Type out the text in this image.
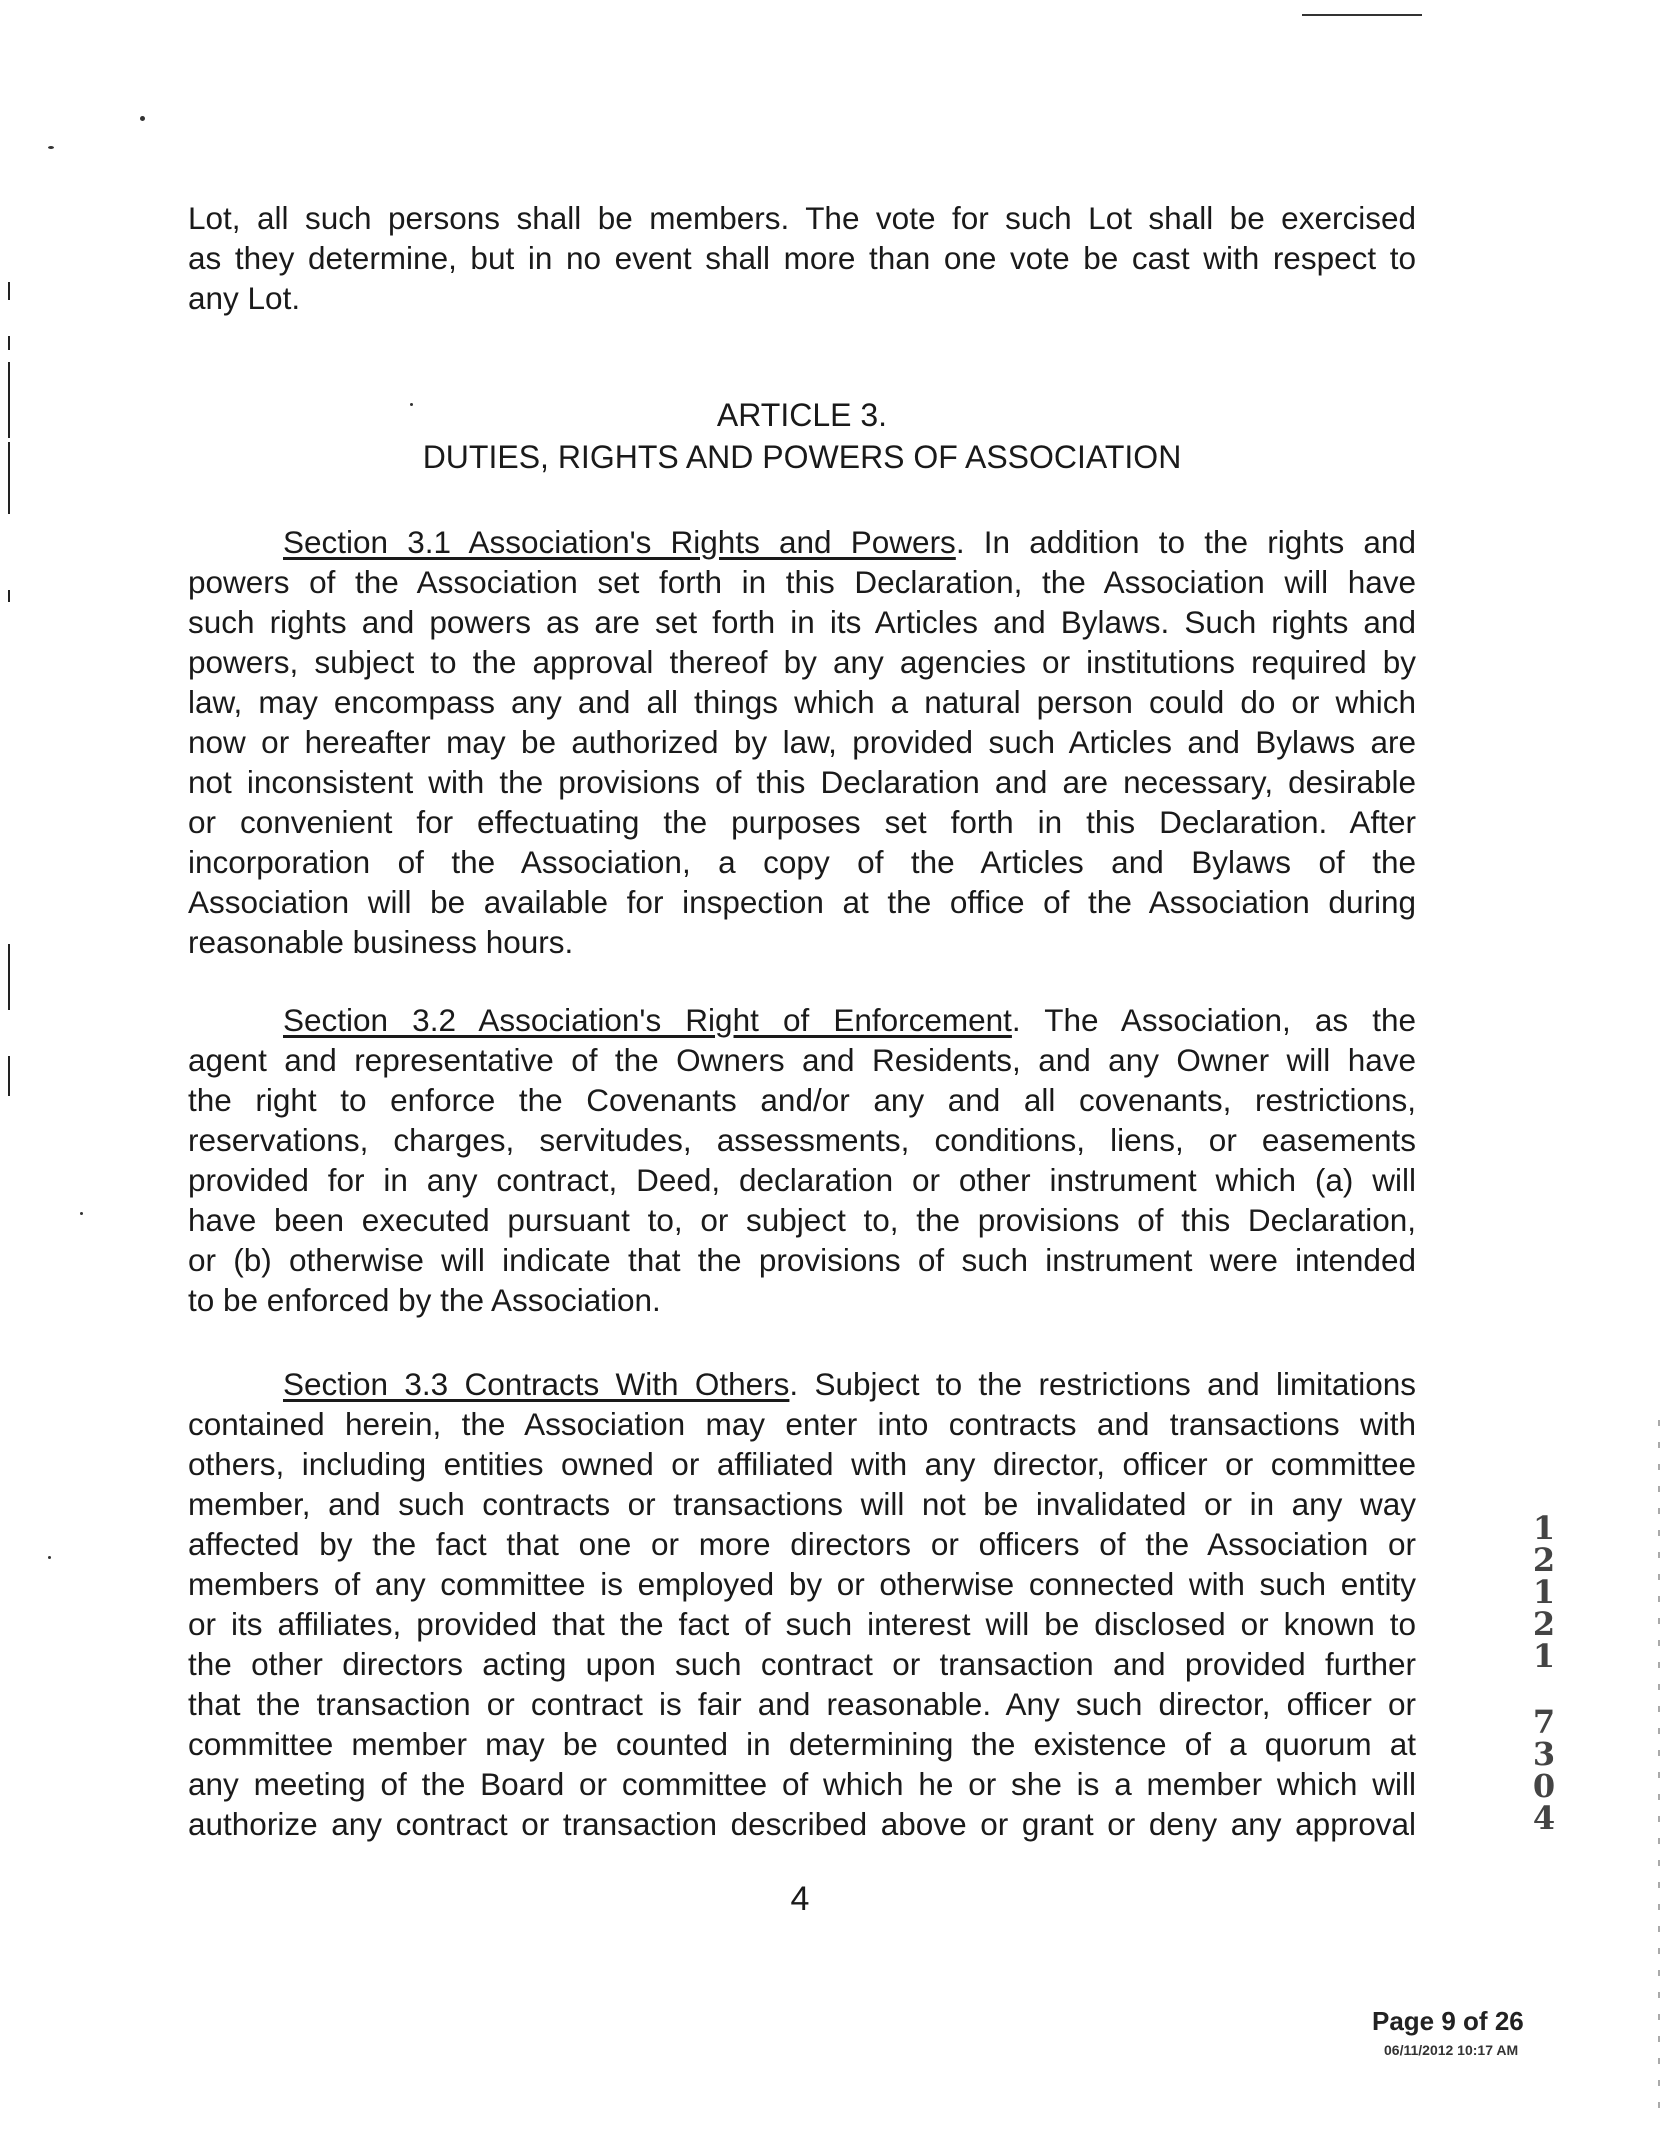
Lot, all such persons shall be members. The vote for such Lot shall be exercised
as they determine, but in no event shall more than one vote be cast with respect to
any Lot.
ARTICLE 3.
DUTIES, RIGHTS AND POWERS OF ASSOCIATION
Section 3.1 Association's Rights and Powers. In addition to the rights and
powers of the Association set forth in this Declaration, the Association will have
such rights and powers as are set forth in its Articles and Bylaws. Such rights and
powers, subject to the approval thereof by any agencies or institutions required by
law, may encompass any and all things which a natural person could do or which
now or hereafter may be authorized by law, provided such Articles and Bylaws are
not inconsistent with the provisions of this Declaration and are necessary, desirable
or convenient for effectuating the purposes set forth in this Declaration. After
incorporation of the Association, a copy of the Articles and Bylaws of the
Association will be available for inspection at the office of the Association during
reasonable business hours.
Section 3.2 Association's Right of Enforcement. The Association, as the
agent and representative of the Owners and Residents, and any Owner will have
the right to enforce the Covenants and/or any and all covenants, restrictions,
reservations, charges, servitudes, assessments, conditions, liens, or easements
provided for in any contract, Deed, declaration or other instrument which (a) will
have been executed pursuant to, or subject to, the provisions of this Declaration,
or (b) otherwise will indicate that the provisions of such instrument were intended
to be enforced by the Association.
Section 3.3 Contracts With Others. Subject to the restrictions and limitations
contained herein, the Association may enter into contracts and transactions with
others, including entities owned or affiliated with any director, officer or committee
member, and such contracts or transactions will not be invalidated or in any way
affected by the fact that one or more directors or officers of the Association or
members of any committee is employed by or otherwise connected with such entity
or its affiliates, provided that the fact of such interest will be disclosed or known to
the other directors acting upon such contract or transaction and provided further
that the transaction or contract is fair and reasonable. Any such director, officer or
committee member may be counted in determining the existence of a quorum at
any meeting of the Board or committee of which he or she is a member which will
authorize any contract or transaction described above or grant or deny any approval
4
1
2
1
2
1
7
3
0
4
Page 9 of 26
06/11/2012 10:17 AM
